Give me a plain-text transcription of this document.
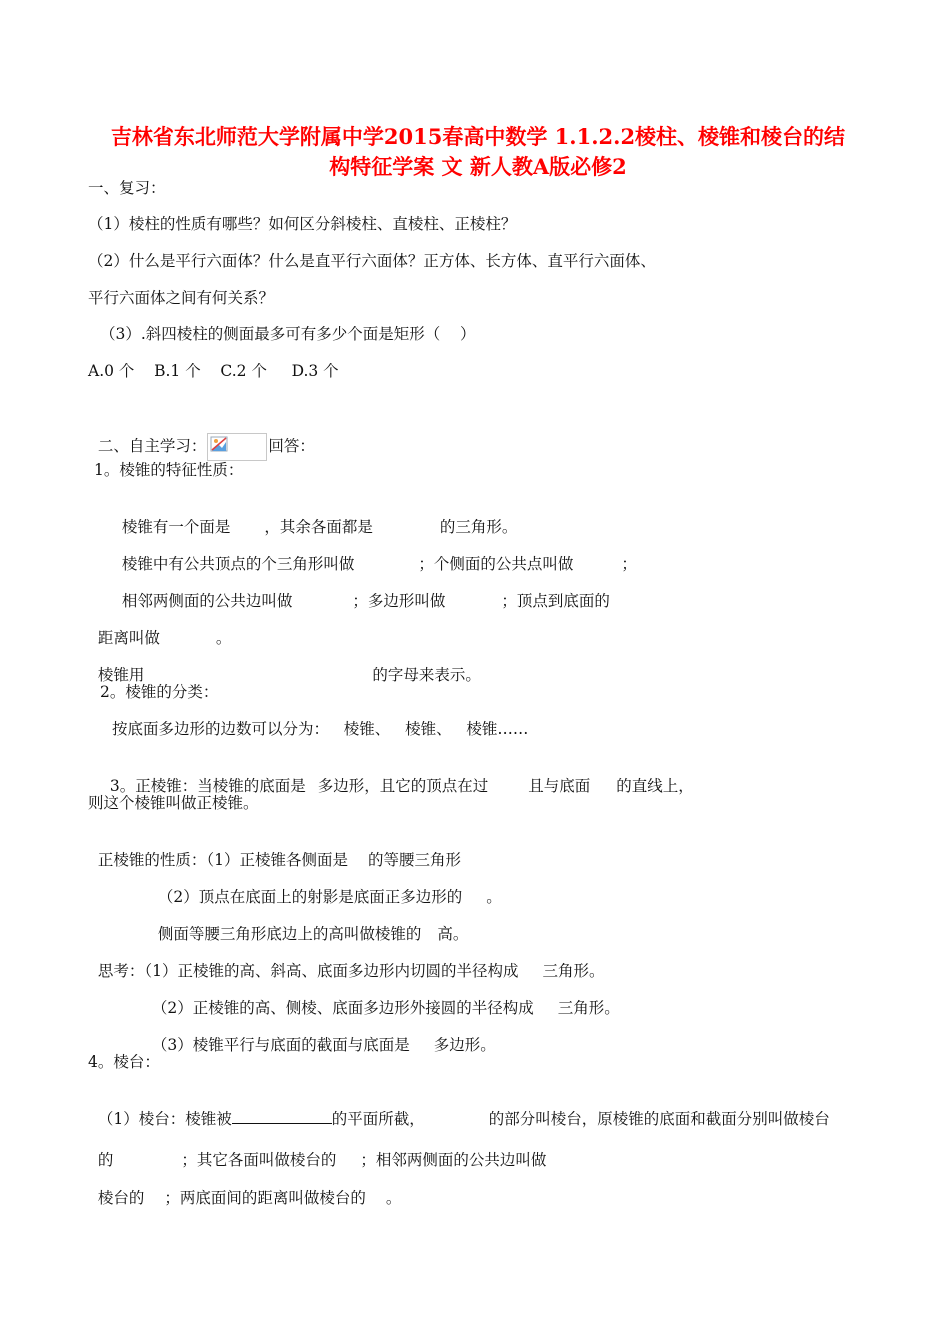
吉林省东北师范大学附属中学2015春高中数学 1.1.2.2棱柱、棱锥和棱台的结
构特征学案 文 新人教A版必修2
一、复习：
（1）棱柱的性质有哪些？如何区分斜棱柱、直棱柱、正棱柱？
（2）什么是平行六面体？什么是直平行六面体？正方体、长方体、直平行六面体、
平行六面体之间有何关系？
（3）.斜四棱柱的侧面最多可有多少个面是矩形（    ）
A.0 个    B.1 个    C.2 个     D.3 个

二、自主学习：
	回答：

1。棱锥的特征性质：

棱锥有一个面是 ，其余各面都是	的三角形。

棱锥中有公共顶点的个三角形叫做	；个侧面的公共点叫做	；

相邻两侧面的公共边叫做	；多边形叫做	；顶点到底面的

距离叫做	。

棱锥用	的字母来表示。

2。棱锥的分类：
按底面多边形的边数可以分为：   棱锥、   棱锥、   棱锥……

3。正棱锥：当棱锥的底面是 多边形，且它的顶点在过	且与底面 的直线上，

则这个棱锥叫做正棱锥。

正棱锥的性质：（1）正棱锥各侧面是 的等腰三角形

（2）顶点在底面上的射影是底面正多边形的 。

侧面等腰三角形底边上的高叫做棱锥的 高。

思考：（1）正棱锥的高、斜高、底面多边形内切圆的半径构成 三角形。

（2）正棱锥的高、侧棱、底面多边形外接圆的半径构成 三角形。

（3）棱锥平行与底面的截面与底面是 多边形。

4。棱台：

（1）棱台：棱锥被	的平面所截，	的部分叫棱台，原棱锥的底面和截面分别叫做棱台

的	；其它各面叫做棱台的 ；相邻两侧面的公共边叫做

棱台的 ；两底面间的距离叫做棱台的 。
